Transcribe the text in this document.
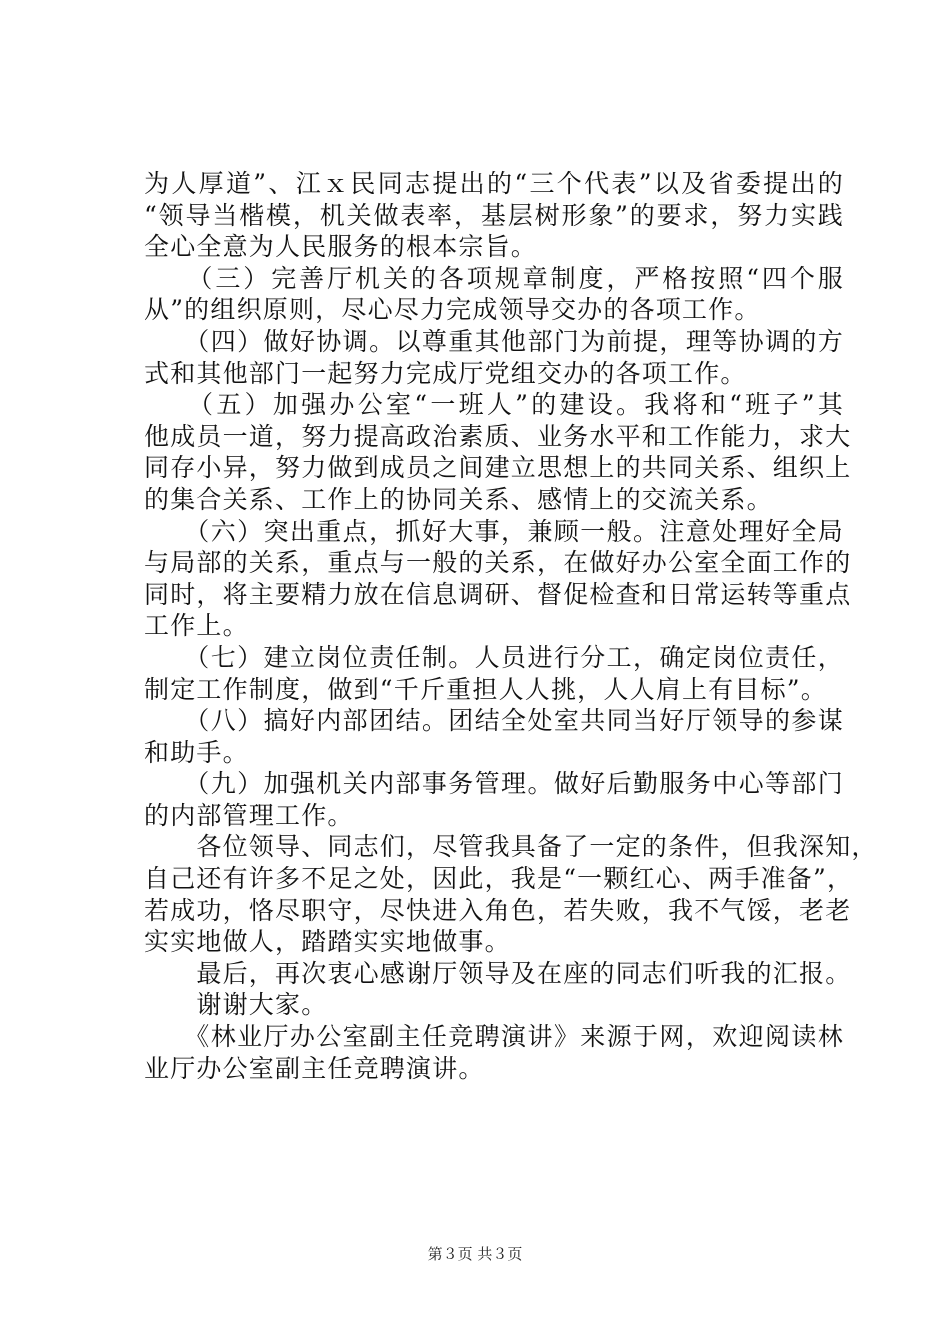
为人厚道”、江ｘ民同志提出的“三个代表”以及省委提出的
“领导当楷模，机关做表率，基层树形象”的要求，努力实践
全心全意为人民服务的根本宗旨。
　　（三）完善厅机关的各项规章制度，严格按照“四个服
从”的组织原则，尽心尽力完成领导交办的各项工作。
　　（四）做好协调。以尊重其他部门为前提，理等协调的方
式和其他部门一起努力完成厅党组交办的各项工作。
　　（五）加强办公室“一班人”的建设。我将和“班子”其
他成员一道，努力提高政治素质、业务水平和工作能力，求大
同存小异，努力做到成员之间建立思想上的共同关系、组织上
的集合关系、工作上的协同关系、感情上的交流关系。
　　（六）突出重点，抓好大事，兼顾一般。注意处理好全局
与局部的关系，重点与一般的关系，在做好办公室全面工作的
同时，将主要精力放在信息调研、督促检查和日常运转等重点
工作上。
　　（七）建立岗位责任制。人员进行分工，确定岗位责任，
制定工作制度，做到“千斤重担人人挑，人人肩上有目标”。
　　（八）搞好内部团结。团结全处室共同当好厅领导的参谋
和助手。
　　（九）加强机关内部事务管理。做好后勤服务中心等部门
的内部管理工作。
　　各位领导、同志们，尽管我具备了一定的条件，但我深知，
自己还有许多不足之处，因此，我是“一颗红心、两手准备”，
若成功，恪尽职守，尽快进入角色，若失败，我不气馁，老老
实实地做人，踏踏实实地做事。
　　最后，再次衷心感谢厅领导及在座的同志们听我的汇报。
　　谢谢大家。
　　《林业厅办公室副主任竞聘演讲》来源于网，欢迎阅读林
业厅办公室副主任竞聘演讲。
第３页 共３页
